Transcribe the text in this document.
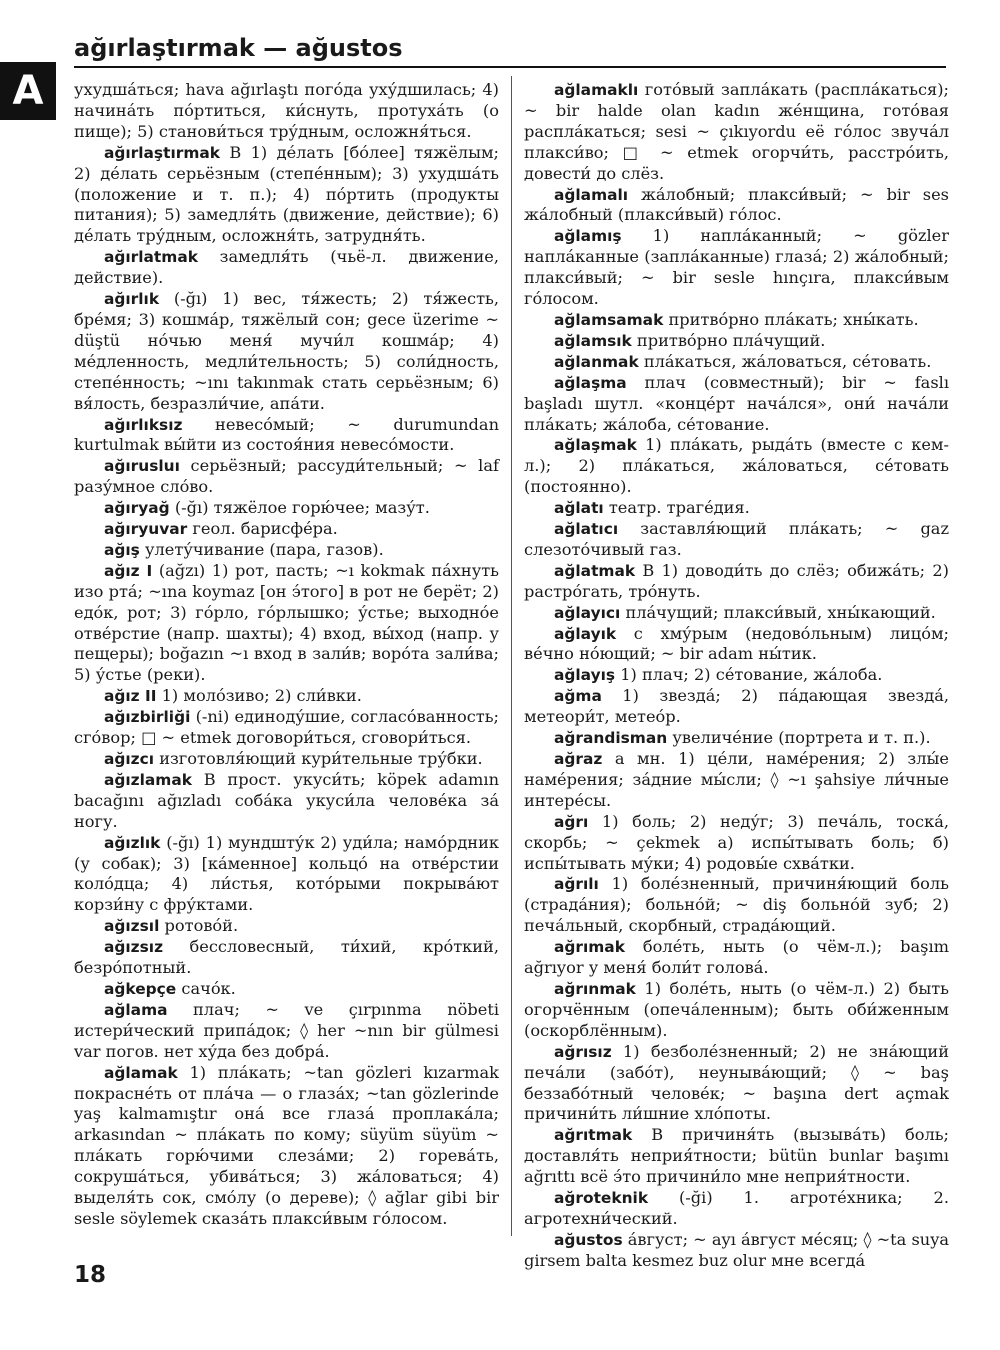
A
ağırlaştırmak — ağustos

ухудша́ться; hava ağırlaştı пого́да уху́дшилась; 4) начина́ть по́ртиться, ки́снуть, протуха́ть (о пище); 5) станови́ться тру́дным, осложня́ться.

ağırlaştırmak B 1) де́лать [бо́лее] тяжёлым; 2) де́лать серьёзным (степе́нным); 3) ухудша́ть (положение и т. п.); 4) по́ртить (продукты питания); 5) замедля́ть (движение, действие); 6) де́лать тру́дным, осложня́ть, затрудня́ть.

ağırlatmak замедля́ть (чьё-л. движение, действие).

ağırlık (-ğı) 1) вес, тя́жесть; 2) тя́жесть, бре́мя; 3) кошма́р, тяжёлый сон; gece üzerime ~ düştü но́чью меня́ мучи́л кошма́р; 4) ме́дленность, медли́тельность; 5) соли́дность, степе́нность; ~ını takınmak стать серьёзным; 6) вя́лость, безразли́чие, апа́ти.

ağırlıksız невесо́мый; ~ durumundan kurtulmak вы́йти из состоя́ния невесо́мости.

ağırusluı серьёзный; рассуди́тельный; ~ laf разу́мное сло́во.

ağıryağ (-ğı) тяжёлое горю́чее; мазу́т.

ağıryuvar геол. барисфе́ра.

ağış улету́чивание (пара, газов).

ağız I (ağzı) 1) рот, пасть; ~ı kokmak па́хнуть изо рта́; ~ına koymaz [он э́того] в рот не берёт; 2) едо́к, рот; 3) го́рло, го́рлышко; у́стье; выходно́е отве́рстие (напр. шахты); 4) вход, вы́ход (напр. у пещеры); boğazın ~ı вход в зали́в; воро́та зали́ва; 5) у́стье (реки).

ağız II 1) моло́зиво; 2) сли́вки.

ağızbirliği (-ni) единоду́шие, согласо́ванность; сго́вор; □ ~ etmek договори́ться, сговори́ться.

ağızcı изготовля́ющий кури́тельные тру́бки.

ağızlamak B прост. укуси́ть; köpek adamın bacağını ağızladı соба́ка укуси́ла челове́ка за́ ногу.

ağızlık (-ğı) 1) мундшту́к 2) уди́ла; намо́рдник (у собак); 3) [ка́менное] кольцо́ на отве́рстии коло́дца; 4) ли́стья, кото́рыми покрыва́ют корзи́ну с фру́ктами.

ağızsıl ротово́й.

ağızsız бессловесный, ти́хий, кро́ткий, безро́потный.

ağkepçe сачо́к.

ağlama плач; ~ ve çırpınma nöbeti истери́ческий припа́док; ◊ her ~nın bir gülmesi var погов. нет ху́да без добра́.

ağlamak 1) пла́кать; ~tan gözleri kızarmak покрасне́ть от пла́ча — о глаза́х; ~tan gözlerinde yaş kalmamıştır она́ все глаза́ проплака́ла; arkasından ~ пла́кать по кому; süyüm süyüm ~ пла́кать горю́чими слеза́ми; 2) горева́ть, сокруша́ться, убива́ться; 3) жа́ловаться; 4) выделя́ть сок, смо́лу (о дереве); ◊ ağlar gibi bir sesle söylemek сказа́ть плакси́вым го́лосом.

ağlamaklı гото́вый запла́кать (распла́каться); ~ bir halde olan kadın же́нщина, гото́вая распла́каться; sesi ~ çıkıyordu её го́лос звуча́л плакси́во; □ ~ etmek огорчи́ть, расстро́ить, довести́ до слёз.

ağlamalı жа́лобный; плакси́вый; ~ bir ses жа́лобный (плакси́вый) го́лос.

ağlamış 1) напла́канный; ~ gözler напла́канные (запла́канные) глаза́; 2) жа́лобный; плакси́вый; ~ bir sesle hınçıra, плакси́вым го́лосом.

ağlamsamak притво́рно пла́кать; хны́кать.

ağlamsık притво́рно пла́чущий.

ağlanmak пла́каться, жа́ловаться, се́товать.

ağlaşma плач (совместный); bir ~ faslı başladı шутл. «конце́рт нача́лся», они́ нача́ли пла́кать; жа́лоба, се́тование.

ağlaşmak 1) пла́кать, рыда́ть (вместе с кем-л.); 2) пла́каться, жа́ловаться, се́товать (постоянно).

ağlatı театр. траге́дия.

ağlatıcı заставля́ющий пла́кать; ~ gaz слезото́чивый газ.

ağlatmak B 1) доводи́ть до слёз; обижа́ть; 2) растро́гать, тро́нуть.

ağlayıcı пла́чущий; плакси́вый, хны́кающий.

ağlayık с хму́рым (недово́льным) лицо́м; ве́чно но́ющий; ~ bir adam ны́тик.

ağlayış 1) плач; 2) се́тование, жа́лоба.

ağma 1) звезда́; 2) па́дающая звезда́, метеори́т, метео́р.

ağrandisman увеличе́ние (портрета и т. п.).

ağraz а мн. 1) це́ли, наме́рения; 2) злы́е наме́рения; за́дние мы́сли; ◊ ~ı şahsiye ли́чные интере́сы.

ağrı 1) боль; 2) неду́г; 3) печа́ль, тоска́, скорбь; ~ çekmek а) испы́тывать боль; б) испы́тывать му́ки; 4) родовы́е схва́тки.

ağrılı 1) боле́зненный, причиня́ющий боль (страда́ния); больно́й; ~ diş больно́й зуб; 2) печа́льный, скорбный, страда́ющий.

ağrımak боле́ть, ныть (о чём-л.); başım ağrıyor у меня́ боли́т голова́.

ağrınmak 1) боле́ть, ныть (о чём-л.) 2) быть огорчённым (опеча́ленным); быть оби́женным (оскорблённым).

ağrısız 1) безболе́зненный; 2) не зна́ющий печа́ли (забо́т), неуныва́ющий; ◊ ~ baş беззабо́тный челове́к; ~ başına dert açmak причини́ть ли́шние хло́поты.

ağrıtmak B причиня́ть (вызыва́ть) боль; доставля́ть неприя́тности; bütün bunlar başımı ağrıttı всё э́то причини́ло мне неприя́тности.

ağroteknik (-ği) 1. агроте́хника; 2. агротехни́ческий.

ağustos а́вгуст; ~ ayı а́вгуст ме́сяц; ◊ ~ta suya girsem balta kesmez buz olur мне всегда́

18
